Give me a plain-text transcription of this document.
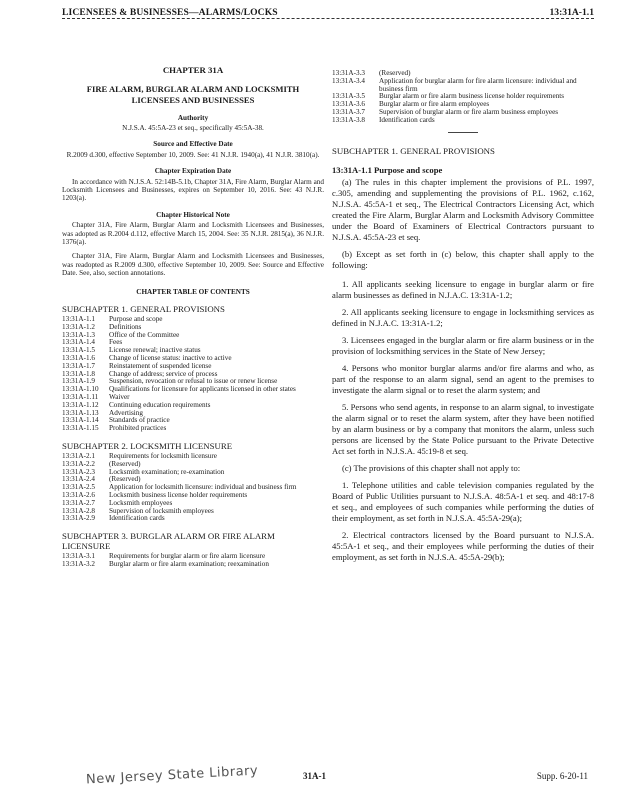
LICENSEES & BUSINESSES—ALARMS/LOCKS	13:31A-1.1

CHAPTER 31A

FIRE ALARM, BURGLAR ALARM AND LOCKSMITH LICENSEES AND BUSINESSES

Authority

N.J.S.A. 45:5A-23 et seq., specifically 45:5A-38.

Source and Effective Date

R.2009 d.300, effective September 10, 2009. See: 41 N.J.R. 1940(a), 41 N.J.R. 3810(a).

Chapter Expiration Date

In accordance with N.J.S.A. 52:14B-5.1b, Chapter 31A, Fire Alarm, Burglar Alarm and Locksmith Licensees and Businesses, expires on September 10, 2016. See: 43 N.J.R. 1203(a).

Chapter Historical Note

Chapter 31A, Fire Alarm, Burglar Alarm and Locksmith Licensees and Businesses, was adopted as R.2004 d.112, effective March 15, 2004. See: 35 N.J.R. 2815(a), 36 N.J.R. 1376(a).

Chapter 31A, Fire Alarm, Burglar Alarm and Locksmith Licensees and Businesses, was readopted as R.2009 d.300, effective September 10, 2009. See: Source and Effective Date. See, also, section annotations.

CHAPTER TABLE OF CONTENTS

SUBCHAPTER 1. GENERAL PROVISIONS

13:31A-1.1	Purpose and scope
13:31A-1.2	Definitions
13:31A-1.3	Office of the Committee
13:31A-1.4	Fees
13:31A-1.5	License renewal; inactive status
13:31A-1.6	Change of license status: inactive to active
13:31A-1.7	Reinstatement of suspended license
13:31A-1.8	Change of address; service of process
13:31A-1.9	Suspension, revocation or refusal to issue or renew license
13:31A-1.10	Qualifications for licensure for applicants licensed in other states
13:31A-1.11	Waiver
13:31A-1.12	Continuing education requirements
13:31A-1.13	Advertising
13:31A-1.14	Standards of practice
13:31A-1.15	Prohibited practices

SUBCHAPTER 2. LOCKSMITH LICENSURE

13:31A-2.1	Requirements for locksmith licensure
13:31A-2.2	(Reserved)
13:31A-2.3	Locksmith examination; re-examination
13:31A-2.4	(Reserved)
13:31A-2.5	Application for locksmith licensure: individual and business firm
13:31A-2.6	Locksmith business license holder requirements
13:31A-2.7	Locksmith employees
13:31A-2.8	Supervision of locksmith employees
13:31A-2.9	Identification cards

SUBCHAPTER 3. BURGLAR ALARM OR FIRE ALARM LICENSURE

13:31A-3.1	Requirements for burglar alarm or fire alarm licensure
13:31A-3.2	Burglar alarm or fire alarm examination; reexamination
13:31A-3.3	(Reserved)
13:31A-3.4	Application for burglar alarm for fire alarm licensure: individual and business firm
13:31A-3.5	Burglar alarm or fire alarm business license holder requirements
13:31A-3.6	Burglar alarm or fire alarm employees
13:31A-3.7	Supervision of burglar alarm or fire alarm business employees
13:31A-3.8	Identification cards

SUBCHAPTER 1. GENERAL PROVISIONS

13:31A-1.1 Purpose and scope

(a) The rules in this chapter implement the provisions of P.L. 1997, c.305, amending and supplementing the provisions of P.L. 1962, c.162, N.J.S.A. 45:5A-1 et seq., The Electrical Contractors Licensing Act, which created the Fire Alarm, Burglar Alarm and Locksmith Advisory Committee under the Board of Examiners of Electrical Contractors pursuant to N.J.S.A. 45:5A-23 et seq.

(b) Except as set forth in (c) below, this chapter shall apply to the following:

1. All applicants seeking licensure to engage in burglar alarm or fire alarm businesses as defined in N.J.A.C. 13:31A-1.2;

2. All applicants seeking licensure to engage in locksmithing services as defined in N.J.A.C. 13:31A-1.2;

3. Licensees engaged in the burglar alarm or fire alarm business or in the provision of locksmithing services in the State of New Jersey;

4. Persons who monitor burglar alarms and/or fire alarms and who, as part of the response to an alarm signal, send an agent to the premises to investigate the alarm signal or to reset the alarm system; and

5. Persons who send agents, in response to an alarm signal, to investigate the alarm signal or to reset the alarm system, after they have been notified by an alarm business or by a company that monitors the alarm, unless such persons are licensed by the State Police pursuant to the Private Detective Act set forth in N.J.S.A. 45:19-8 et seq.

(c) The provisions of this chapter shall not apply to:

1. Telephone utilities and cable television companies regulated by the Board of Public Utilities pursuant to N.J.S.A. 48:5A-1 et seq. and 48:17-8 et seq., and employees of such companies while performing the duties of their employment, as set forth in N.J.S.A. 45:5A-29(a);

2. Electrical contractors licensed by the Board pursuant to N.J.S.A. 45:5A-1 et seq., and their employees while performing the duties of their employment, as set forth in N.J.S.A. 45:5A-29(b);

New Jersey State Library	31A-1	Supp. 6-20-11
